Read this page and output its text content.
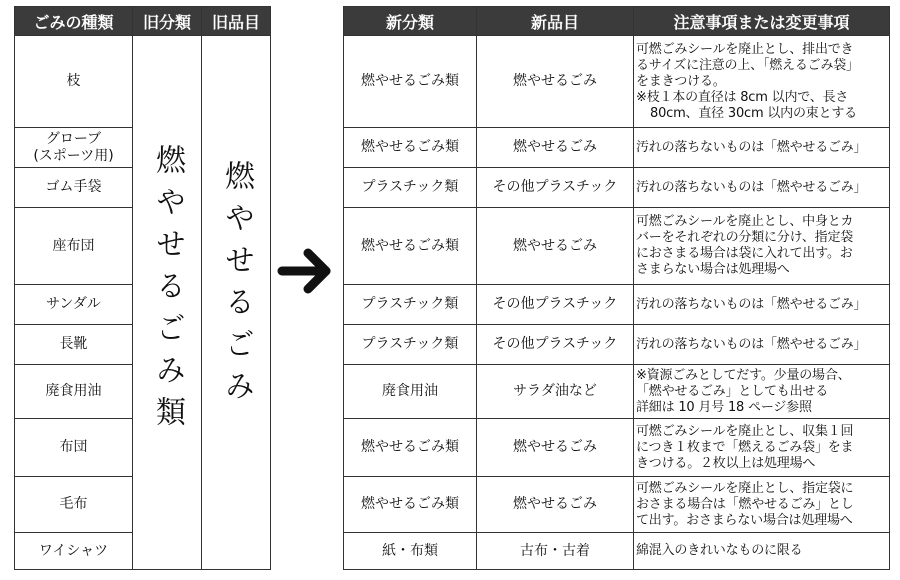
ごみの種類	旧分類	旧品目
枝	燃やせるごみ類	燃やせるごみ
グローブ
(スポーツ用)		
ゴム手袋		
座布団		
サンダル		
長靴		
廃食用油		
布団		
毛布		
ワイシャツ		
新分類	新品目	注意事項または変更事項
燃やせるごみ類	燃やせるごみ	可燃ごみシールを廃止とし、排出でき
るサイズに注意の上、「燃えるごみ袋」
をまきつける。
※枝１本の直径は 8cm 以内で、長さ
80cm、直径 30cm 以内の束とする

燃やせるごみ類	燃やせるごみ	汚れの落ちないものは「燃やせるごみ」

プラスチック類	その他プラスチック	汚れの落ちないものは「燃やせるごみ」

燃やせるごみ類	燃やせるごみ	可燃ごみシールを廃止とし、中身とカ
バーをそれぞれの分類に分け、指定袋
におさまる場合は袋に入れて出す。お
さまらない場合は処理場へ

プラスチック類	その他プラスチック	汚れの落ちないものは「燃やせるごみ」

プラスチック類	その他プラスチック	汚れの落ちないものは「燃やせるごみ」

廃食用油	サラダ油など	※資源ごみとしてだす。少量の場合、
「燃やせるごみ」としても出せる
詳細は 10 月号 18 ページ参照

燃やせるごみ類	燃やせるごみ	可燃ごみシールを廃止とし、収集１回
につき１枚まで「燃えるごみ袋」をま
きつける。２枚以上は処理場へ

燃やせるごみ類	燃やせるごみ	可燃ごみシールを廃止とし、指定袋に
おさまる場合は「燃やせるごみ」とし
て出す。おさまらない場合は処理場へ

紙・布類	古布・古着	綿混入のきれいなものに限る
